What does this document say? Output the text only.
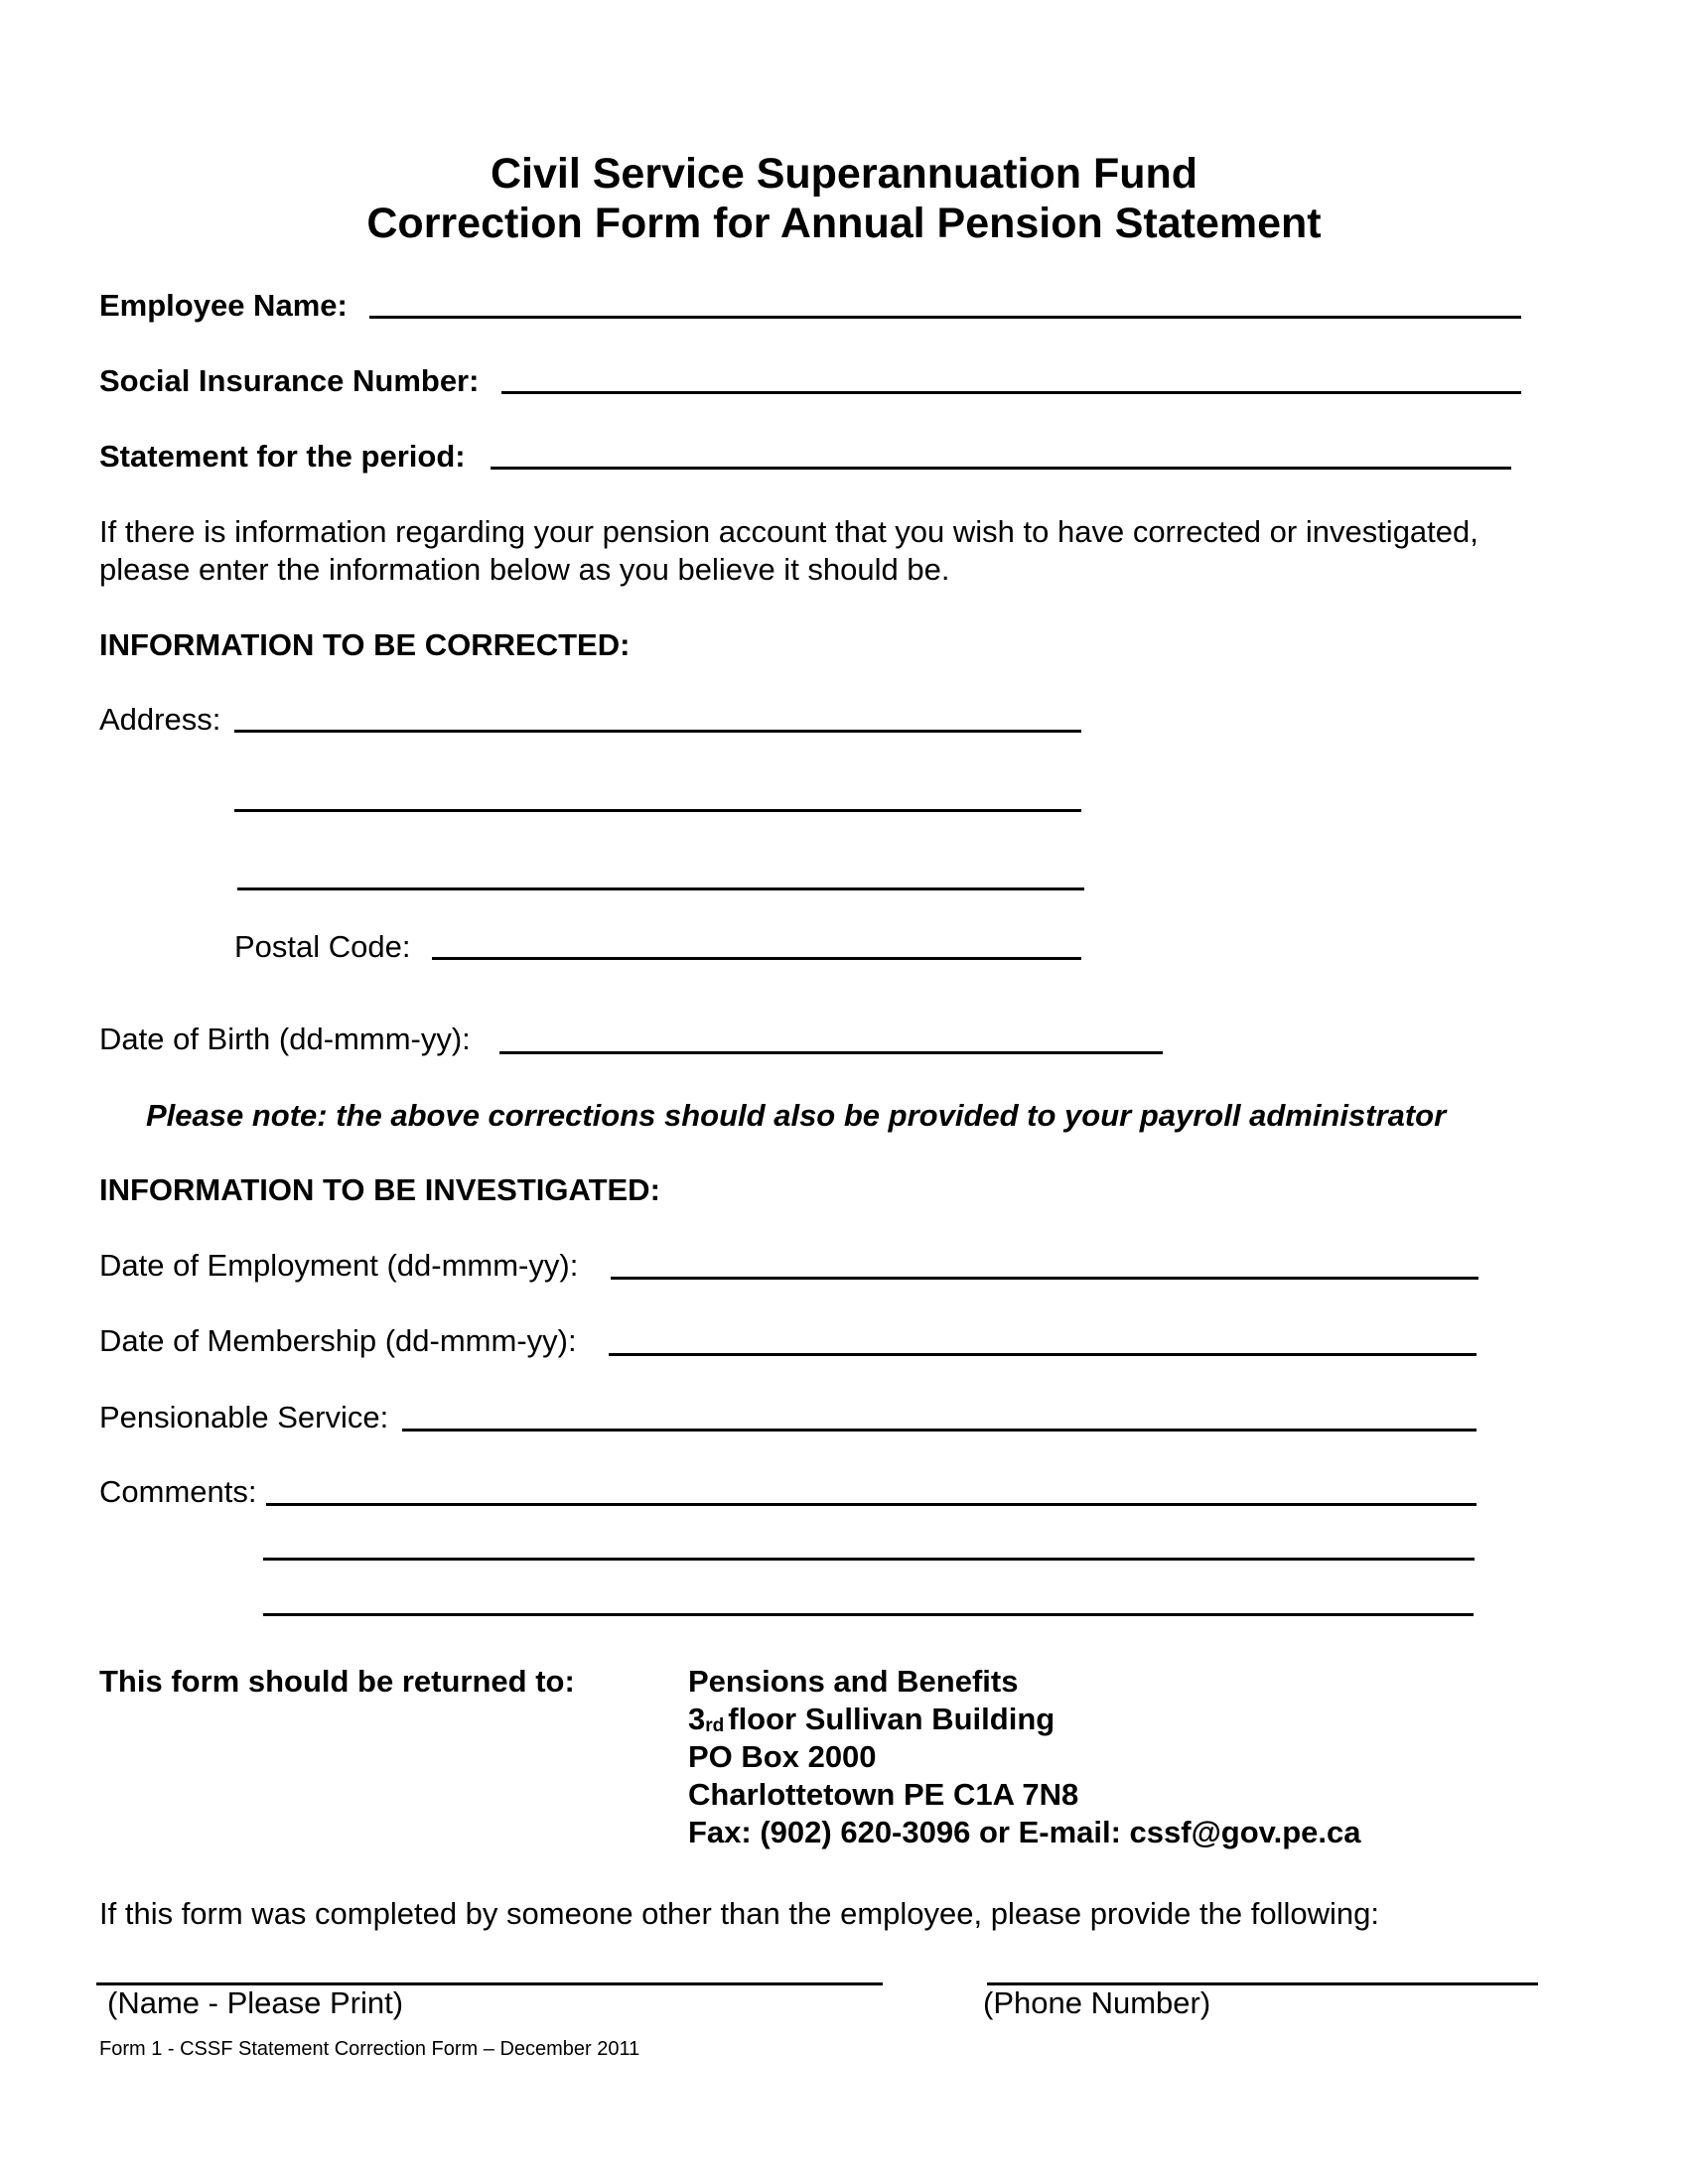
Civil Service Superannuation Fund
Correction Form for Annual Pension Statement
Employee Name:
Social Insurance Number:
Statement for the period:
If there is information regarding your pension account that you wish to have corrected or investigated,
please enter the information below as you believe it should be.
INFORMATION TO BE CORRECTED:
Address:
Postal Code:
Date of Birth (dd-mmm-yy):
Please note: the above corrections should also be provided to your payroll administrator
INFORMATION TO BE INVESTIGATED:
Date of Employment (dd-mmm-yy):
Date of Membership (dd-mmm-yy):
Pensionable Service:
Comments:
This form should be returned to:	Pensions and Benefits
3rd floor Sullivan Building
PO Box 2000
Charlottetown PE C1A 7N8
Fax: (902) 620-3096 or E-mail: cssf@gov.pe.ca
If this form was completed by someone other than the employee, please provide the following:
(Name - Please Print)	(Phone Number)
Form 1 - CSSF Statement Correction Form – December 2011
